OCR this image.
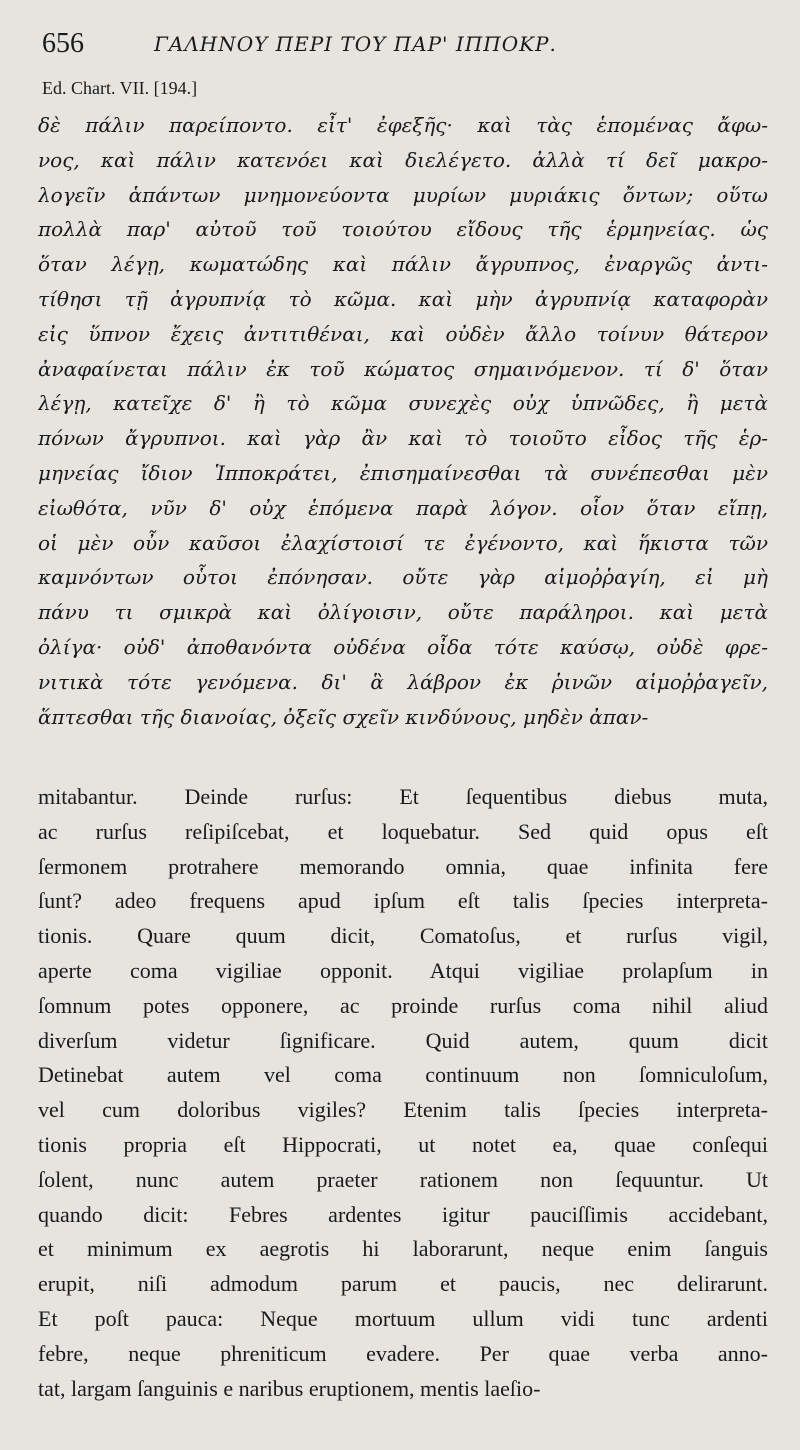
656	ΓΑΛΗΝΟΥ ΠΕΡΙ ΤΟΥ ΠΑΡ' ΙΠΠΟΚΡ.
Ed. Chart. VII. [194.]
δὲ πάλιν παρείποντο. εἶτ' ἐφεξῆς· καὶ τὰς ἑπομένας ἄφω-
νος, καὶ πάλιν κατενόει καὶ διελέγετο. ἀλλὰ τί δεῖ μακρο-
λογεῖν ἁπάντων μνημονεύοντα μυρίων μυριάκις ὄντων; οὕτω
πολλὰ παρ' αὐτοῦ τοῦ τοιούτου εἴδους τῆς ἑρμηνείας. ὡς
ὅταν λέγῃ, κωματώδης καὶ πάλιν ἄγρυπνος, ἐναργῶς ἀντι-
τίθησι τῇ ἀγρυπνίᾳ τὸ κῶμα. καὶ μὴν ἀγρυπνίᾳ καταφορὰν
εἰς ὕπνον ἔχεις ἀντιτιθέναι, καὶ οὐδὲν ἄλλο τοίνυν θάτερον
ἀναφαίνεται πάλιν ἐκ τοῦ κώματος σημαινόμενον. τί δ' ὅταν
λέγῃ, κατεῖχε δ' ἢ τὸ κῶμα συνεχὲς οὐχ ὑπνῶδες, ἢ μετὰ
πόνων ἄγρυπνοι. καὶ γὰρ ἂν καὶ τὸ τοιοῦτο εἶδος τῆς ἑρ-
μηνείας ἴδιον Ἱπποκράτει, ἐπισημαίνεσθαι τὰ συνέπεσθαι μὲν
εἰωθότα, νῦν δ' οὐχ ἑπόμενα παρὰ λόγον. οἷον ὅταν εἴπῃ,
οἱ μὲν οὖν καῦσοι ἐλαχίστοισί τε ἐγένοντο, καὶ ἥκιστα τῶν
καμνόντων οὗτοι ἐπόνησαν. οὔτε γὰρ αἱμοῤῥαγίη, εἰ μὴ
πάνυ τι σμικρὰ καὶ ὀλίγοισιν, οὔτε παράληροι. καὶ μετὰ
ὀλίγα· οὐδ' ἀποθανόντα οὐδένα οἶδα τότε καύσῳ, οὐδὲ φρε-
νιτικὰ τότε γενόμενα. δι' ἃ λάβρον ἐκ ῥινῶν αἱμοῤῥαγεῖν,
ἅπτεσθαι τῆς διανοίας, ὀξεῖς σχεῖν κινδύνους, μηδὲν ἀπαν-
mitabantur. Deinde rurſus: Et ſequentibus diebus muta,
ac rurſus reſipiſcebat, et loquebatur. Sed quid opus eſt
ſermonem protrahere memorando omnia, quae infinita fere
ſunt? adeo frequens apud ipſum eſt talis ſpecies interpreta-
tionis. Quare quum dicit, Comatoſus, et rurſus vigil,
aperte coma vigiliae opponit. Atqui vigiliae prolapſum in
ſomnum potes opponere, ac proinde rurſus coma nihil aliud
diverſum videtur ſignificare. Quid autem, quum dicit
Detinebat autem vel coma continuum non ſomniculoſum,
vel cum doloribus vigiles? Etenim talis ſpecies interpreta-
tionis propria eſt Hippocrati, ut notet ea, quae conſequi
ſolent, nunc autem praeter rationem non ſequuntur. Ut
quando dicit: Febres ardentes igitur pauciſſimis accidebant,
et minimum ex aegrotis hi laborarunt, neque enim ſanguis
erupit, niſi admodum parum et paucis, nec delirarunt.
Et poſt pauca: Neque mortuum ullum vidi tunc ardenti
febre, neque phreniticum evadere. Per quae verba anno-
tat, largam ſanguinis e naribus eruptionem, mentis laeſio-
